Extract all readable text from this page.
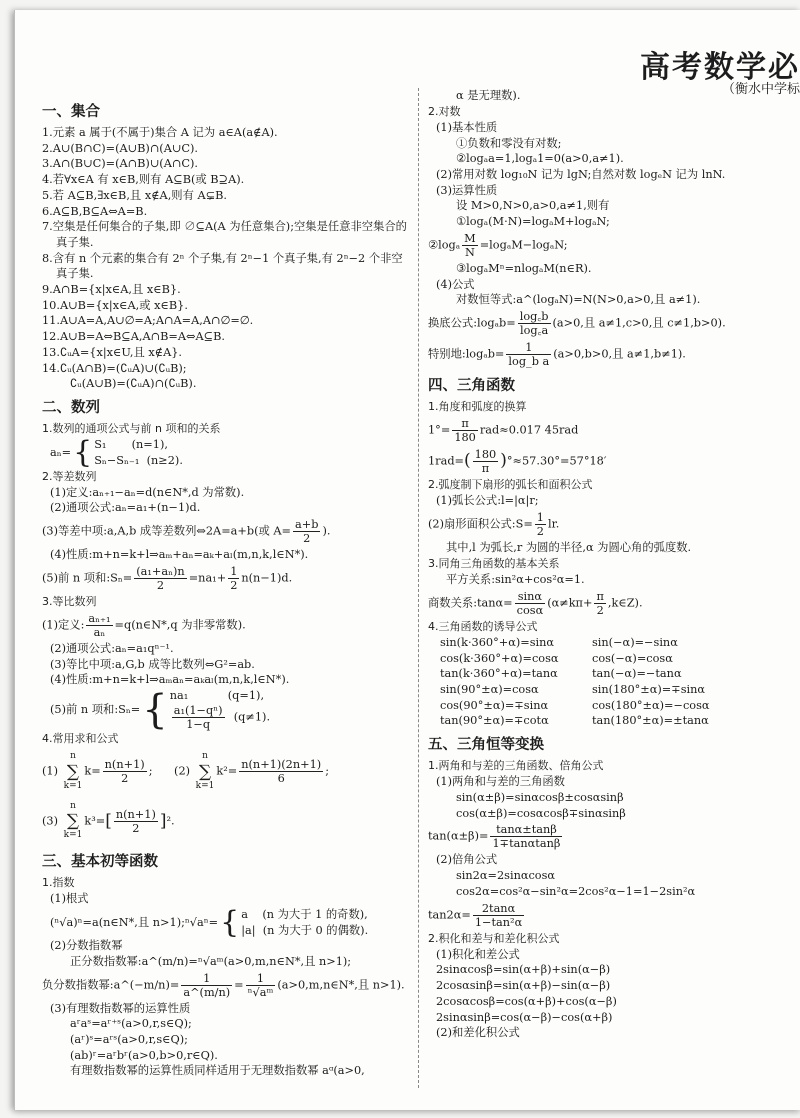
高考数学必
（衡水中学标
一、集合
1.元素 a 属于(不属于)集合 A 记为 a∈A(a∉A).
2.A∪(B∩C)=(A∪B)∩(A∪C).
3.A∩(B∪C)=(A∩B)∪(A∩C).
4.若∀x∈A 有 x∈B,则有 A⊆B(或 B⊇A).
5.若 A⊆B,∃x∈B,且 x∉A,则有 A⊊B.
6.A⊆B,B⊆A⇔A=B.
7.空集是任何集合的子集,即 ∅⊆A(A 为任意集合);空集是任意非空集合的真子集.
8.含有 n 个元素的集合有 2ⁿ 个子集,有 2ⁿ−1 个真子集,有 2ⁿ−2 个非空真子集.
9.A∩B={x|x∈A,且 x∈B}.
10.A∪B={x|x∈A,或 x∈B}.
11.A∪A=A,A∪∅=A;A∩A=A,A∩∅=∅.
12.A∪B=A⇔B⊆A,A∩B=A⇔A⊆B.
13.∁ᵤA={x|x∈U,且 x∉A}.
14.∁ᵤ(A∩B)=(∁ᵤA)∪(∁ᵤB);
∁ᵤ(A∪B)=(∁ᵤA)∩(∁ᵤB).
二、数列
1.数列的通项公式与前 n 项和的关系
aₙ= { S₁ (n=1),
Sₙ−Sₙ₋₁ (n≥2).
2.等差数列
(1)定义:aₙ₊₁−aₙ=d(n∈N*,d 为常数).
(2)通项公式:aₙ=a₁+(n−1)d.
(3)等差中项:a,A,b 成等差数列⇔2A=a+b(或 $A= \frac{a+b}{2}$ ).
(4)性质:m+n=k+l⇒aₘ+aₙ=aₖ+aₗ(m,n,k,l∈N*).
(5)前 n 项和:Sₙ= $\frac{\text{(a₁+aₙ)n}}{2} =na_1+ \frac{1}{2} n(n-1)d$.
3.等比数列
(1)定义: $\frac{\text{aₙ₊₁}}{\text{aₙ}}$ =q(n∈N*,q 为非零常数).
(2)通项公式:aₙ=a₁qⁿ⁻¹.
(3)等比中项:a,G,b 成等比数列⇔G²=ab.
(4)性质:m+n=k+l⇒aₘaₙ=aₖaₗ(m,n,k,l∈N*).
(5)前 n 项和:Sₙ= { na₁	(q=1),
$\frac{\text{a₁(1−qⁿ)}}{1-q} (q\ne 1)$.
4.常用求和公式
(1)
n
∑
k=1
$k= \frac{n(n+1)}{2}$ ; (2)
n
∑
k=1
$k^2= \frac{n(n+1)(2n+1)}{6}$ ;
(3)
n
∑
k=1
$k^3=[ \frac{n(n+1)}{2} ]^2$.
三、基本初等函数
1.指数
(1)根式
(ⁿ√a)ⁿ=a(n∈N*,且 n>1);ⁿ√aⁿ= { a (n 为大于 1 的奇数),
|a| (n 为大于 0 的偶数).
(2)分数指数幂
正分数指数幂:a^(m/n)=ⁿ√aᵐ(a>0,m,n∈N*,且 n>1);
负分数指数幂:a^(−m/n)= $\frac{1}{a\^{}(m/n)} = \frac{1}{\text{ⁿ√aᵐ}}$ (a>0,m,n∈N*,且 n>1).
(3)有理数指数幂的运算性质
aʳaˢ=aʳ⁺ˢ(a>0,r,s∈Q);
(aʳ)ˢ=aʳˢ(a>0,r,s∈Q);
(ab)ʳ=aʳbʳ(a>0,b>0,r∈Q).
有理数指数幂的运算性质同样适用于无理数指数幂 aᵅ(a>0,
α 是无理数).
2.对数
(1)基本性质
①负数和零没有对数;
②logₐa=1,logₐ1=0(a>0,a≠1).
(2)常用对数 log₁₀N 记为 lgN;自然对数 logₑN 记为 lnN.
(3)运算性质
设 M>0,N>0,a>0,a≠1,则有
①logₐ(M·N)=logₐM+logₐN;
②logₐ $\frac{M}{N} =\log_aM-\log_aN$;
③logₐMⁿ=nlogₐM(n∈R).
(4)公式
对数恒等式:a^(logₐN)=N(N>0,a>0,且 a≠1).
换底公式:logₐb= $\frac{\log꜀b}{\log꜀a} (a>0$,且 a≠1,c>0,且 c≠1,b>0).
特别地:logₐb= $\frac{1}{\text{log\_b a}} (a>0,b>0$,且 a≠1,b≠1).
四、三角函数
1.角度和弧度的换算
$1^\circ= \frac{\pi}{180} rad\approx 0.017$ 45rad
$1rad=( \frac{180}{\pi} )^\circ\approx 57.30^\circ=57^\circ 18'$
2.弧度制下扇形的弧长和面积公式
(1)弧长公式:l=|α|r;
(2)扇形面积公式:S= $\frac{1}{2}$ lr.
其中,l 为弧长,r 为圆的半径,α 为圆心角的弧度数.
3.同角三角函数的基本关系
平方关系:sin²α+cos²α=1.
商数关系:tanα= $\frac{\sin\alpha}{\cos\alpha} (\alpha\ne k\pi+ \frac{\pi}{2}$ ,k∈Z).
4.三角函数的诱导公式
sin(k·360°+α)=sinα	sin(−α)=−sinα
cos(k·360°+α)=cosα	cos(−α)=cosα
tan(k·360°+α)=tanα	tan(−α)=−tanα
sin(90°±α)=cosα	sin(180°±α)=∓sinα
cos(90°±α)=∓sinα	cos(180°±α)=−cosα
tan(90°±α)=∓cotα	tan(180°±α)=±tanα
五、三角恒等变换
1.两角和与差的三角函数、倍角公式
(1)两角和与差的三角函数
sin(α±β)=sinαcosβ±cosαsinβ
cos(α±β)=cosαcosβ∓sinαsinβ
$\tan(\alpha\pm\beta)= \frac{\tan\alpha\pm\tan\beta}{1\mp\tan\alpha\tan\beta}$
(2)倍角公式
sin2α=2sinαcosα
cos2α=cos²α−sin²α=2cos²α−1=1−2sin²α
$\tan 2\alpha= \frac{2\tan\alpha}{\text{1−tan²α}}$
2.积化和差与和差化积公式
(1)积化和差公式
2sinαcosβ=sin(α+β)+sin(α−β)
2cosαsinβ=sin(α+β)−sin(α−β)
2cosαcosβ=cos(α+β)+cos(α−β)
2sinαsinβ=cos(α−β)−cos(α+β)
(2)和差化积公式
